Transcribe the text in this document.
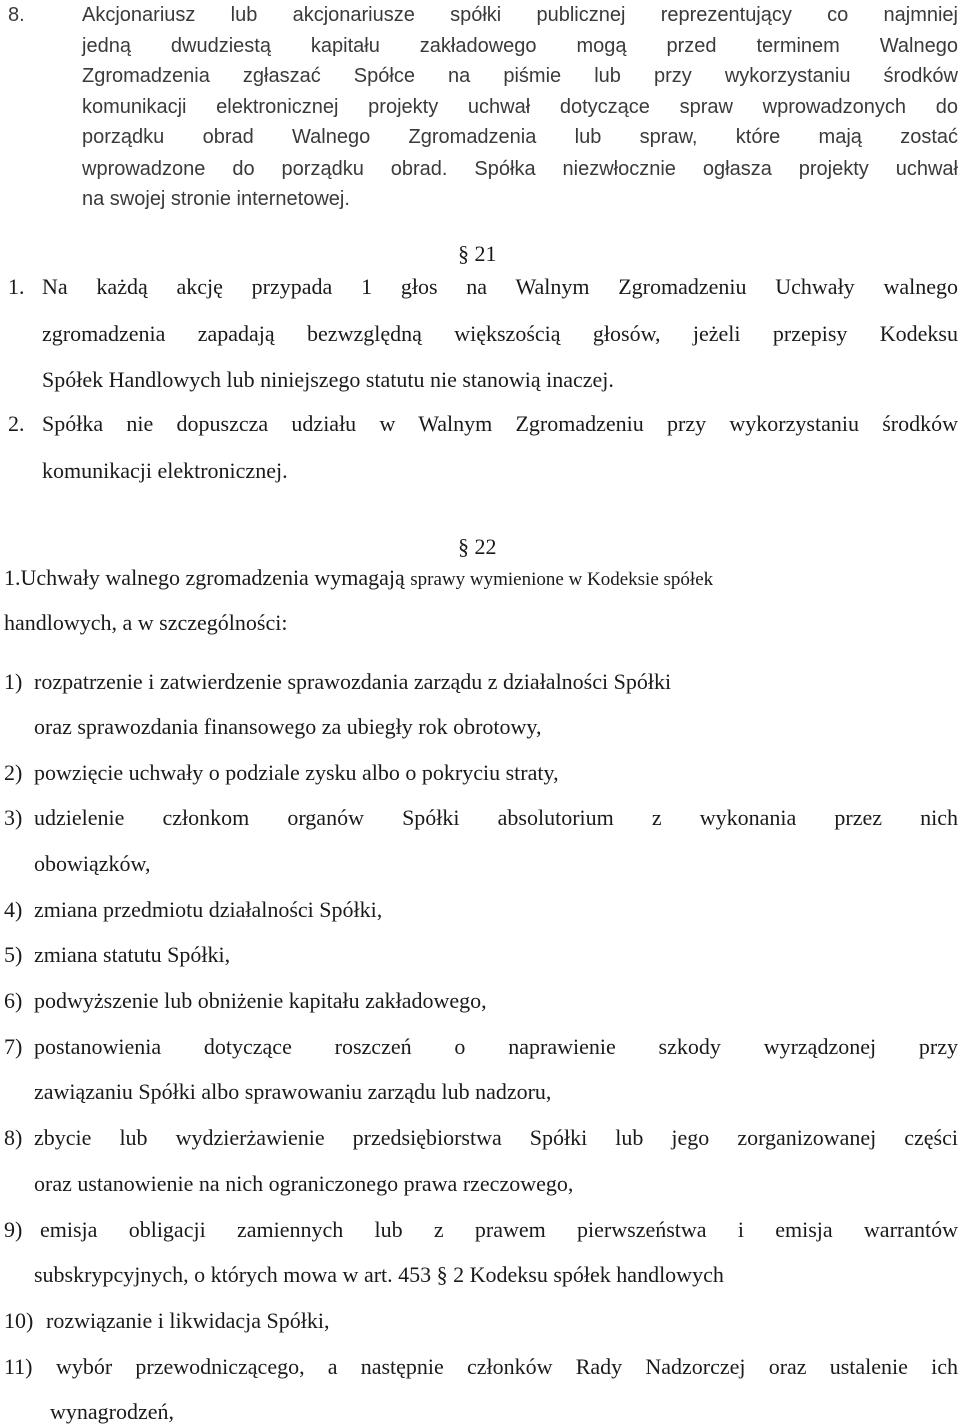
8.	Akcjonariusz lub akcjonariusze spółki publicznej reprezentujący co najmniej
jedną dwudziestą kapitału zakładowego mogą przed terminem Walnego
Zgromadzenia zgłaszać Spółce na piśmie lub przy wykorzystaniu środków
komunikacji elektronicznej projekty uchwał dotyczące spraw wprowadzonych do
porządku obrad Walnego Zgromadzenia lub spraw, które mają zostać
wprowadzone do porządku obrad. Spółka niezwłocznie ogłasza projekty uchwał
na swojej stronie internetowej.
§ 21
1. Na każdą akcję przypada 1 głos na Walnym Zgromadzeniu Uchwały walnego
zgromadzenia zapadają bezwzględną większością głosów, jeżeli przepisy Kodeksu
Spółek Handlowych lub niniejszego statutu nie stanowią inaczej.
2. Spółka nie dopuszcza udziału w Walnym Zgromadzeniu przy wykorzystaniu środków
komunikacji elektronicznej.
§ 22
1.Uchwały walnego zgromadzenia wymagają sprawy wymienione w Kodeksie spółek
handlowych, a w szczególności:
1) rozpatrzenie i zatwierdzenie sprawozdania zarządu z działalności Spółki
oraz sprawozdania finansowego za ubiegły rok obrotowy,
2) powzięcie uchwały o podziale zysku albo o pokryciu straty,
3) udzielenie członkom organów Spółki absolutorium z wykonania przez nich
obowiązków,
4) zmiana przedmiotu działalności Spółki,
5) zmiana statutu Spółki,
6) podwyższenie lub obniżenie kapitału zakładowego,
7) postanowienia dotyczące roszczeń o naprawienie szkody wyrządzonej przy
zawiązaniu Spółki albo sprawowaniu zarządu lub nadzoru,
8) zbycie lub wydzierżawienie przedsiębiorstwa Spółki lub jego zorganizowanej części
oraz ustanowienie na nich ograniczonego prawa rzeczowego,
9) emisja obligacji zamiennych lub z prawem pierwszeństwa i emisja warrantów
subskrypcyjnych, o których mowa w art. 453 § 2 Kodeksu spółek handlowych
10) rozwiązanie i likwidacja Spółki,
11) wybór przewodniczącego, a następnie członków Rady Nadzorczej oraz ustalenie ich
wynagrodzeń,
